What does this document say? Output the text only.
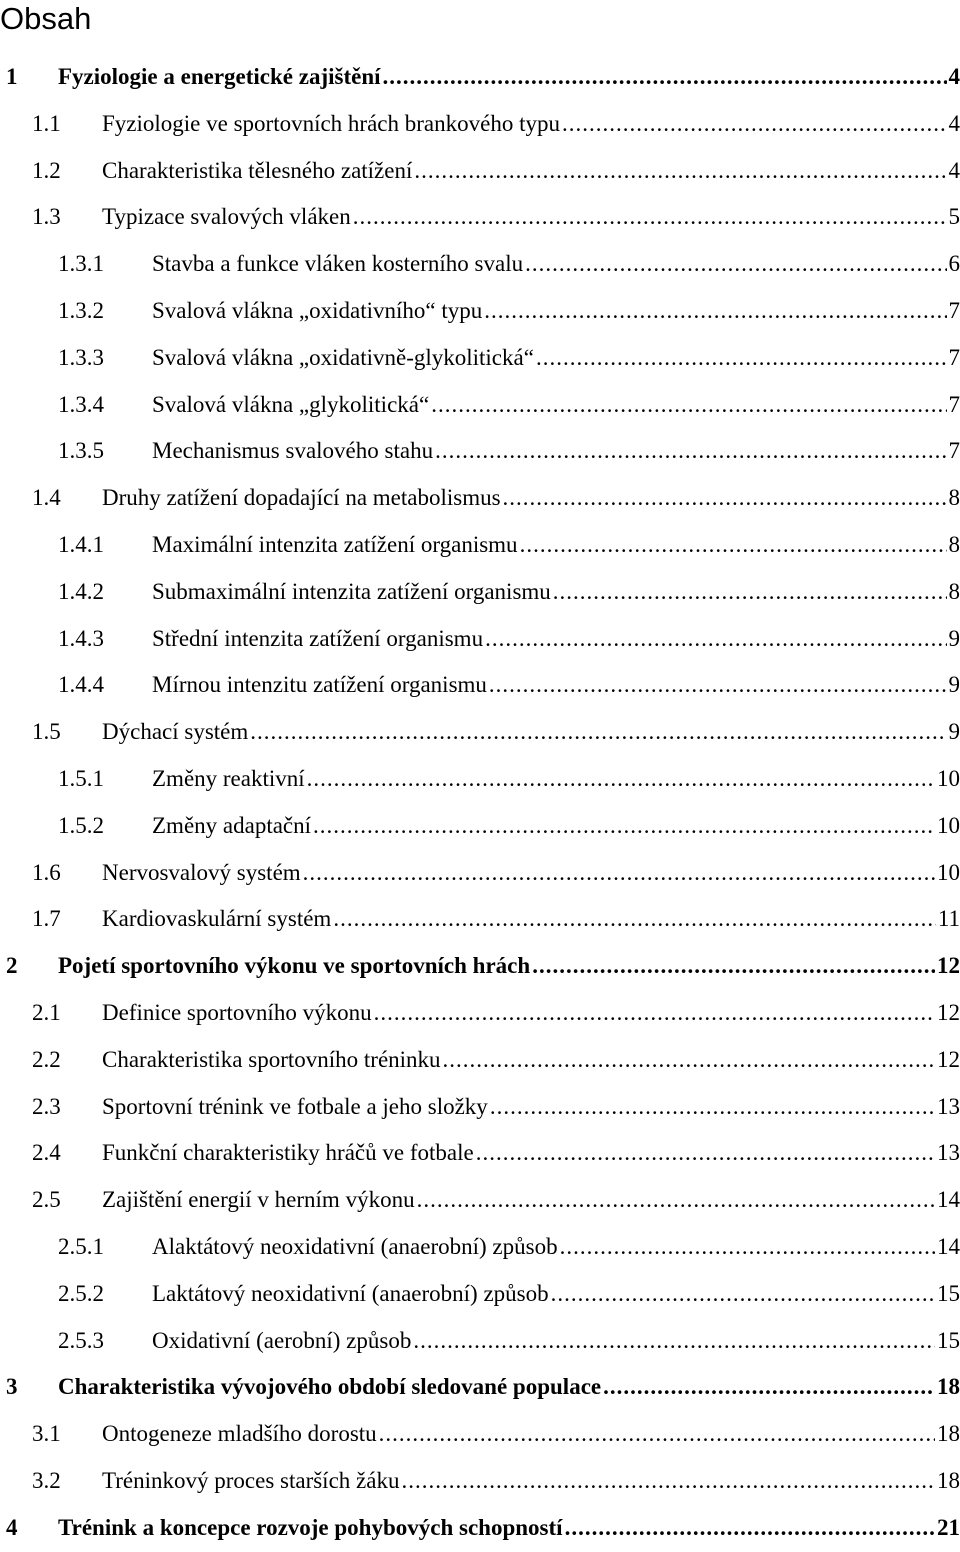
Obsah
1 Fyziologie a energetické zajištění .....	4
1.1 Fyziologie ve sportovních hrách brankového typu .....	4
1.2 Charakteristika tělesného zatížení .....	4
1.3 Typizace svalových vláken .....	5
1.3.1 Stavba a funkce vláken kosterního svalu .....	6
1.3.2 Svalová vlákna „oxidativního“ typu .....	7
1.3.3 Svalová vlákna „oxidativně-glykolitická“ .....	7
1.3.4 Svalová vlákna „glykolitická“ .....	7
1.3.5 Mechanismus svalového stahu .....	7
1.4 Druhy zatížení dopadající na metabolismus .....	8
1.4.1 Maximální intenzita zatížení organismu .....	8
1.4.2 Submaximální intenzita zatížení organismu .....	8
1.4.3 Střední intenzita zatížení organismu .....	9
1.4.4 Mírnou intenzitu zatížení organismu .....	9
1.5 Dýchací systém .....	9
1.5.1 Změny reaktivní .....	10
1.5.2 Změny adaptační .....	10
1.6 Nervosvalový systém .....	10
1.7 Kardiovaskulární systém .....	11
2 Pojetí sportovního výkonu ve sportovních hrách .....	12
2.1 Definice sportovního výkonu .....	12
2.2 Charakteristika sportovního tréninku .....	12
2.3 Sportovní trénink ve fotbale a jeho složky .....	13
2.4 Funkční charakteristiky hráčů ve fotbale .....	13
2.5 Zajištění energií v herním výkonu .....	14
2.5.1 Alaktátový neoxidativní (anaerobní) způsob .....	14
2.5.2 Laktátový neoxidativní (anaerobní) způsob .....	15
2.5.3 Oxidativní (aerobní) způsob .....	15
3 Charakteristika vývojového období sledované populace .....	18
3.1 Ontogeneze mladšího dorostu .....	18
3.2 Tréninkový proces starších žáku .....	18
4 Trénink a koncepce rozvoje pohybových schopností .....	21
